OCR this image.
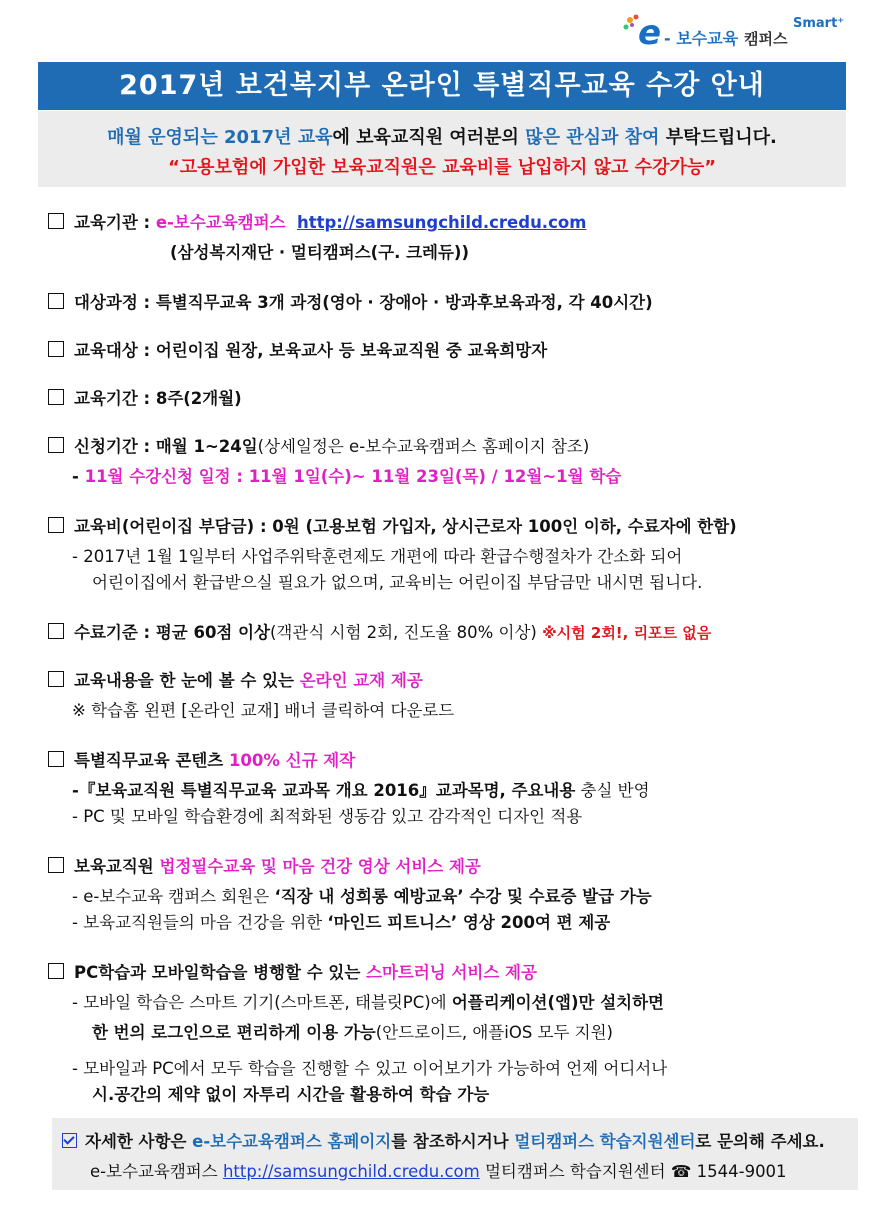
e - 보수교육 캠퍼스
Smart⁺
2017년 보건복지부 온라인 특별직무교육 수강 안내
매월 운영되는 2017년 교육에 보육교직원 여러분의 많은 관심과 참여 부탁드립니다.
“고용보험에 가입한 보육교직원은 교육비를 납입하지 않고 수강가능”
교육기관 : e-보수교육캠퍼스 http://samsungchild.credu.com
(삼성복지재단 · 멀티캠퍼스(구. 크레듀))
대상과정 : 특별직무교육 3개 과정(영아 · 장애아 · 방과후보육과정, 각 40시간)
교육대상 : 어린이집 원장, 보육교사 등 보육교직원 중 교육희망자
교육기간 : 8주(2개월)
신청기간 : 매월 1~24일(상세일정은 e-보수교육캠퍼스 홈페이지 참조)
- 11월 수강신청 일정 : 11월 1일(수)~ 11월 23일(목) / 12월~1월 학습
교육비(어린이집 부담금) : 0원 (고용보험 가입자, 상시근로자 100인 이하, 수료자에 한함)
- 2017년 1월 1일부터 사업주위탁훈련제도 개편에 따라 환급수행절차가 간소화 되어
어린이집에서 환급받으실 필요가 없으며, 교육비는 어린이집 부담금만 내시면 됩니다.
수료기준 : 평균 60점 이상(객관식 시험 2회, 진도율 80% 이상) ※시험 2회!, 리포트 없음
교육내용을 한 눈에 볼 수 있는 온라인 교재 제공
※ 학습홈 왼편 [온라인 교재] 배너 클릭하여 다운로드
특별직무교육 콘텐츠 100% 신규 제작
-『보육교직원 특별직무교육 교과목 개요 2016』교과목명, 주요내용 충실 반영
- PC 및 모바일 학습환경에 최적화된 생동감 있고 감각적인 디자인 적용
보육교직원 법정필수교육 및 마음 건강 영상 서비스 제공
- e-보수교육 캠퍼스 회원은 ‘직장 내 성희롱 예방교육’ 수강 및 수료증 발급 가능
- 보육교직원들의 마음 건강을 위한 ‘마인드 피트니스’ 영상 200여 편 제공
PC학습과 모바일학습을 병행할 수 있는 스마트러닝 서비스 제공
- 모바일 학습은 스마트 기기(스마트폰, 태블릿PC)에 어플리케이션(앱)만 설치하면
한 번의 로그인으로 편리하게 이용 가능(안드로이드, 애플iOS 모두 지원)
- 모바일과 PC에서 모두 학습을 진행할 수 있고 이어보기가 가능하여 언제 어디서나
시.공간의 제약 없이 자투리 시간을 활용하여 학습 가능
자세한 사항은 e-보수교육캠퍼스 홈페이지를 참조하시거나 멀티캠퍼스 학습지원센터로 문의해 주세요.
e-보수교육캠퍼스 http://samsungchild.credu.com 멀티캠퍼스 학습지원센터 ☎ 1544-9001
